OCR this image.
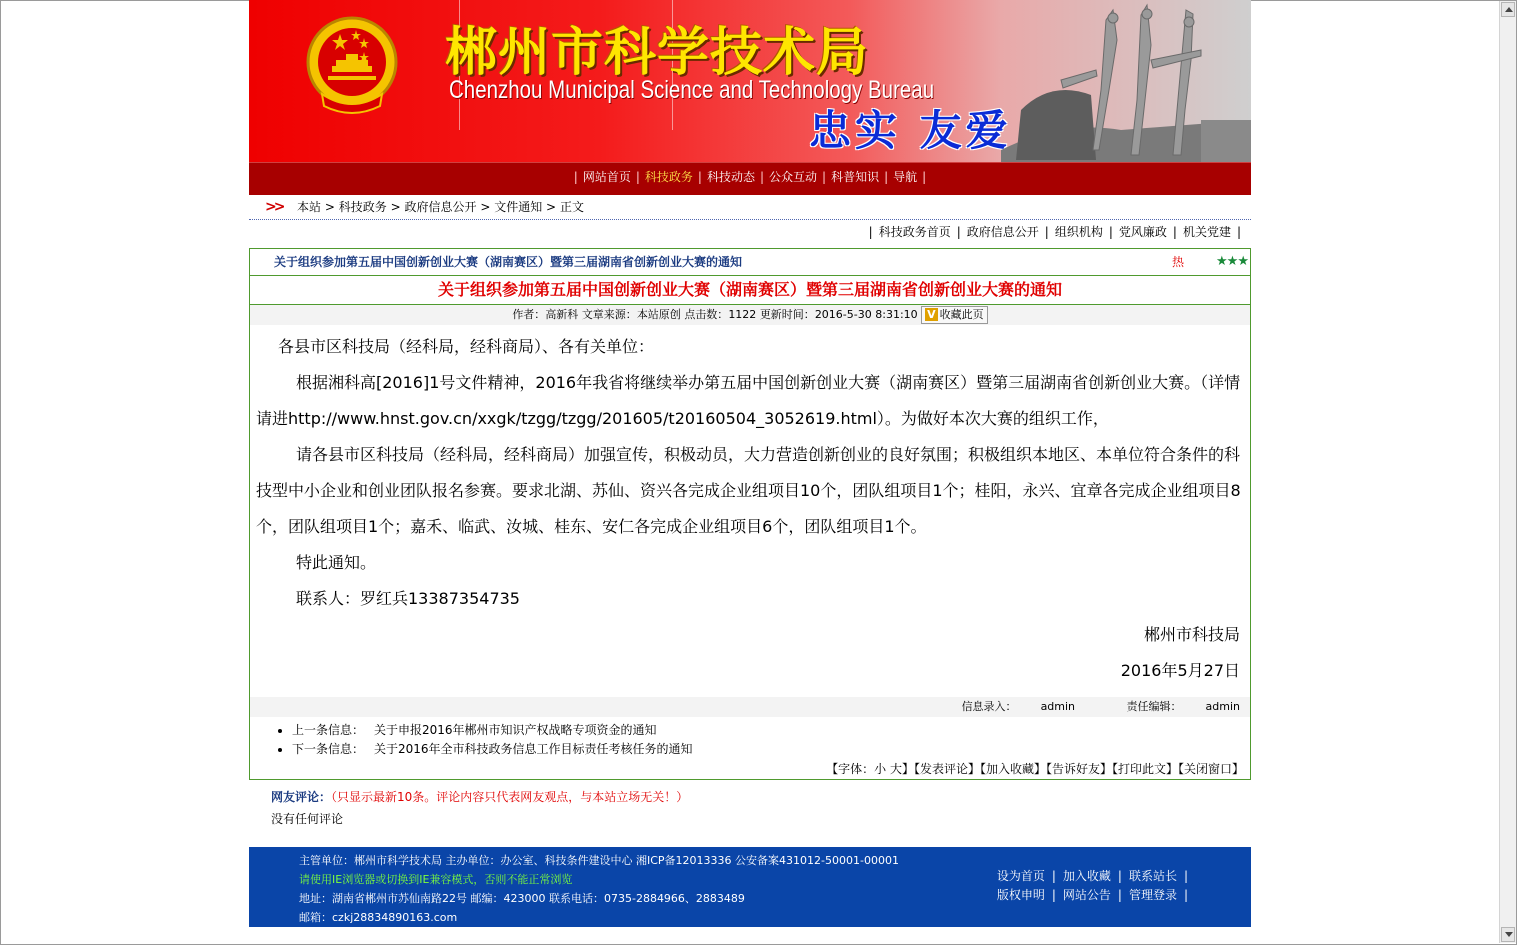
郴州市科学技术局
Chenzhou Municipal Science and Technology Bureau
忠实 友爱
| 网站首页 | 科技政务 | 科技动态 | 公众互动 | 科普知识 | 导航 |
>> 本站 > 科技政务 > 政府信息公开 > 文件通知 > 正文
| 科技政务首页 | 政府信息公开 | 组织机构 | 党风廉政 | 机关党建 |
关于组织参加第五届中国创新创业大赛（湖南赛区）暨第三届湖南省创新创业大赛的通知	热 ★★★
关于组织参加第五届中国创新创业大赛（湖南赛区）暨第三届湖南省创新创业大赛的通知
作者：高新科 文章来源：本站原创 点击数：1122 更新时间：2016-5-30 8:31:10 V 收藏此页

各县市区科技局（经科局，经科商局）、各有关单位：

根据湘科高[2016]1号文件精神，2016年我省将继续举办第五届中国创新创业大赛（湖南赛区）暨第三届湖南省创新创业大赛。（详情请进http://www.hnst.gov.cn/xxgk/tzgg/tzgg/201605/t20160504_3052619.html）。为做好本次大赛的组织工作，

请各县市区科技局（经科局，经科商局）加强宣传，积极动员，大力营造创新创业的良好氛围；积极组织本地区、本单位符合条件的科技型中小企业和创业团队报名参赛。要求北湖、苏仙、资兴各完成企业组项目10个，团队组项目1个；桂阳，永兴、宜章各完成企业组项目8个，团队组项目1个；嘉禾、临武、汝城、桂东、安仁各完成企业组项目6个，团队组项目1个。

特此通知。

联系人：罗红兵13387354735

郴州市科技局

2016年5月27日

信息录入： admin	责任编辑： admin
上一条信息： 关于申报2016年郴州市知识产权战略专项资金的通知
下一条信息： 关于2016年全市科技政务信息工作目标责任考核任务的通知
【字体：小 大】【发表评论】【加入收藏】【告诉好友】【打印此文】【关闭窗口】
网友评论：（只显示最新10条。评论内容只代表网友观点，与本站立场无关！）
没有任何评论
主管单位：郴州市科学技术局 主办单位：办公室、科技条件建设中心 湘ICP备12013336 公安备案431012-50001-00001
请使用IE浏览器或切换到IE兼容模式，否则不能正常浏览
地址：湖南省郴州市苏仙南路22号 邮编：423000 联系电话：0735-2884966、2883489
邮箱：czkj28834890163.com
设为首页 | 加入收藏 | 联系站长 |
版权申明 | 网站公告 | 管理登录 |
